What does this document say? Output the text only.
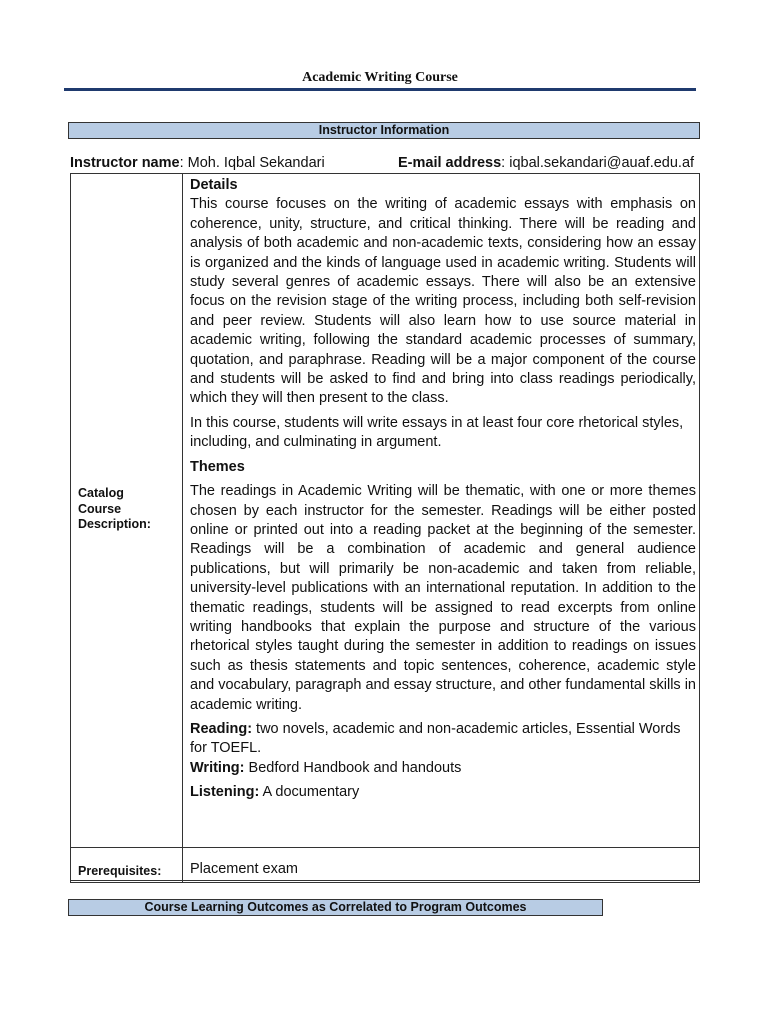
Academic Writing Course
Instructor Information
Instructor name: Moh. Iqbal Sekandari	E-mail address: iqbal.sekandari@auaf.edu.af
Catalog
Course
Description:

Details

This course focuses on the writing of academic essays with emphasis on coherence, unity, structure, and critical thinking. There will be reading and analysis of both academic and non-academic texts, considering how an essay is organized and the kinds of language used in academic writing. Students will study several genres of academic essays. There will also be an extensive focus on the revision stage of the writing process, including both self-revision and peer review. Students will also learn how to use source material in academic writing, following the standard academic processes of summary, quotation, and paraphrase. Reading will be a major component of the course and students will be asked to find and bring into class readings periodically, which they will then present to the class.

In this course, students will write essays in at least four core rhetorical styles, including, and culminating in argument.

Themes

The readings in Academic Writing will be thematic, with one or more themes chosen by each instructor for the semester. Readings will be either posted online or printed out into a reading packet at the beginning of the semester. Readings will be a combination of academic and general audience publications, but will primarily be non-academic and taken from reliable, university-level publications with an international reputation. In addition to the thematic readings, students will be assigned to read excerpts from online writing handbooks that explain the purpose and structure of the various rhetorical styles taught during the semester in addition to readings on issues such as thesis statements and topic sentences, coherence, academic style and vocabulary, paragraph and essay structure, and other fundamental skills in academic writing.

Reading: two novels, academic and non-academic articles, Essential Words for TOEFL.

Writing: Bedford Handbook and handouts

Listening: A documentary

Prerequisites: Placement exam
Course Learning Outcomes as Correlated to Program Outcomes
